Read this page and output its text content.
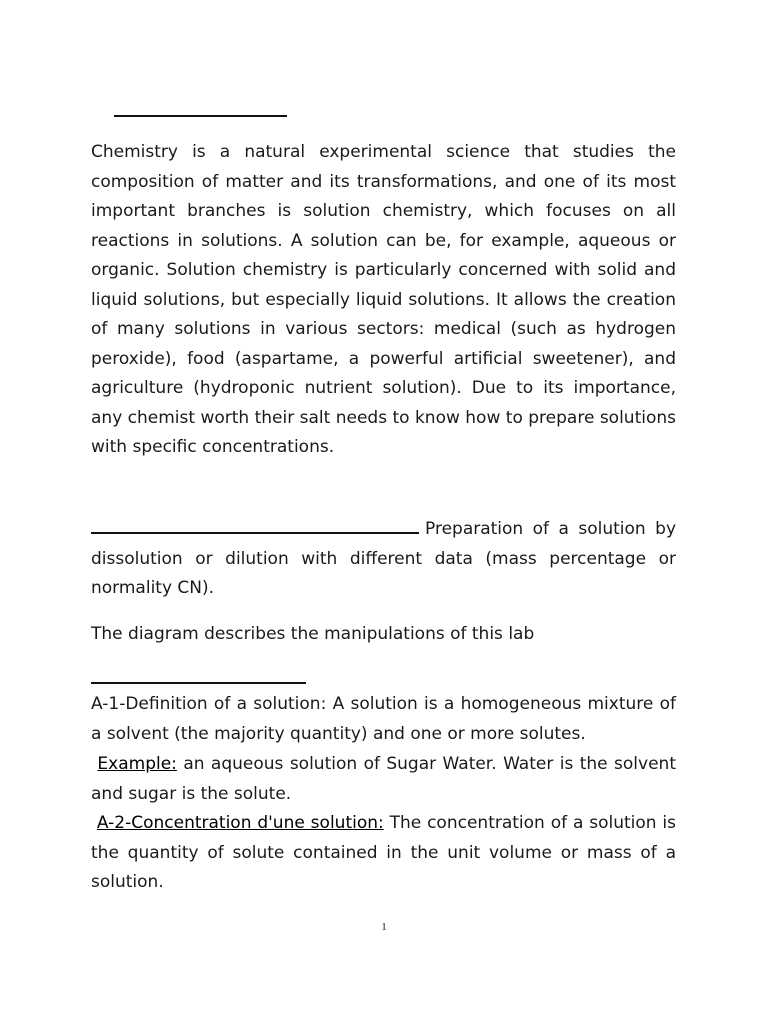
Chemistry is a natural experimental science that studies the composition of matter and its transformations, and one of its most important branches is solution chemistry, which focuses on all reactions in solutions. A solution can be, for example, aqueous or organic. Solution chemistry is particularly concerned with solid and liquid solutions, but especially liquid solutions. It allows the creation of many solutions in various sectors: medical (such as hydrogen peroxide), food (aspartame, a powerful artificial sweetener), and agriculture (hydroponic nutrient solution). Due to its importance, any chemist worth their salt needs to know how to prepare solutions with specific concentrations.

Preparation of a solution by dissolution or dilution with different data (mass percentage or normality CN).

The diagram describes the manipulations of this lab

A-1-Definition of a solution: A solution is a homogeneous mixture of a solvent (the majority quantity) and one or more solutes.

Example: an aqueous solution of Sugar Water. Water is the solvent and sugar is the solute.

A-2-Concentration d'une solution: The concentration of a solution is the quantity of solute contained in the unit volume or mass of a solution.

1
